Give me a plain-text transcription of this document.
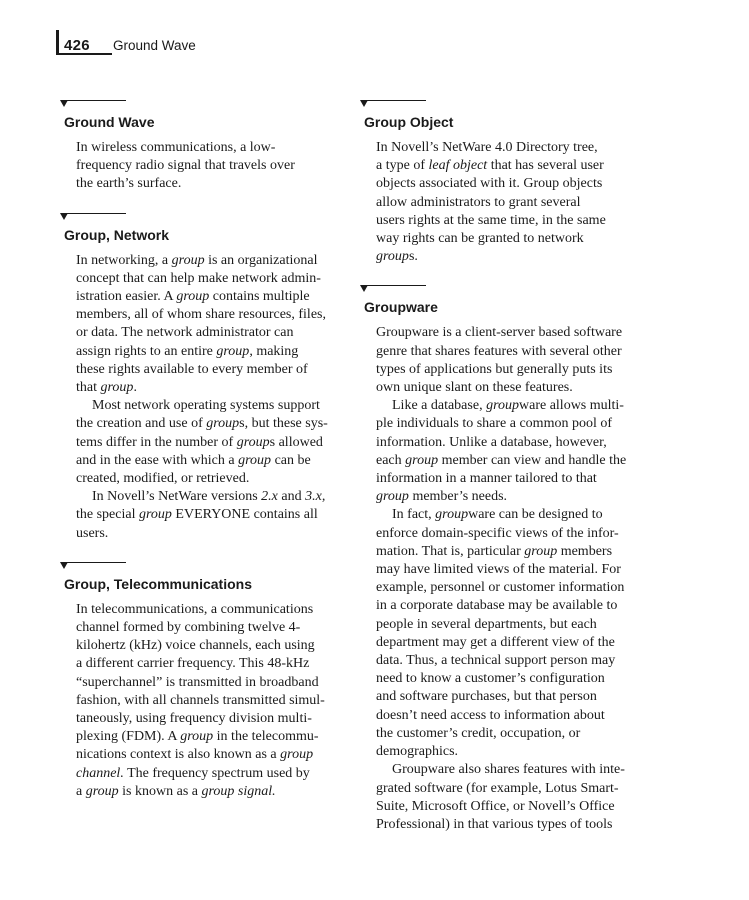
426 Ground Wave
Ground Wave

In wireless communications, a low-
frequency radio signal that travels over
the earth’s surface.

Group, Network

In networking, a group is an organizational
concept that can help make network admin-
istration easier. A group contains multiple
members, all of whom share resources, files,
or data. The network administrator can
assign rights to an entire group, making
these rights available to every member of
that group.

Most network operating systems support
the creation and use of groups, but these sys-
tems differ in the number of groups allowed
and in the ease with which a group can be
created, modified, or retrieved.

In Novell’s NetWare versions 2.x and 3.x,
the special group EVERYONE contains all
users.

Group, Telecommunications

In telecommunications, a communications
channel formed by combining twelve 4-
kilohertz (kHz) voice channels, each using
a different carrier frequency. This 48-kHz
“superchannel” is transmitted in broadband
fashion, with all channels transmitted simul-
taneously, using frequency division multi-
plexing (FDM). A group in the telecommu-
nications context is also known as a group
channel. The frequency spectrum used by
a group is known as a group signal.

Group Object

In Novell’s NetWare 4.0 Directory tree,
a type of leaf object that has several user
objects associated with it. Group objects
allow administrators to grant several
users rights at the same time, in the same
way rights can be granted to network
groups.

Groupware

Groupware is a client-server based software
genre that shares features with several other
types of applications but generally puts its
own unique slant on these features.

Like a database, groupware allows multi-
ple individuals to share a common pool of
information. Unlike a database, however,
each group member can view and handle the
information in a manner tailored to that
group member’s needs.

In fact, groupware can be designed to
enforce domain-specific views of the infor-
mation. That is, particular group members
may have limited views of the material. For
example, personnel or customer information
in a corporate database may be available to
people in several departments, but each
department may get a different view of the
data. Thus, a technical support person may
need to know a customer’s configuration
and software purchases, but that person
doesn’t need access to information about
the customer’s credit, occupation, or
demographics.

Groupware also shares features with inte-
grated software (for example, Lotus Smart-
Suite, Microsoft Office, or Novell’s Office
Professional) in that various types of tools
